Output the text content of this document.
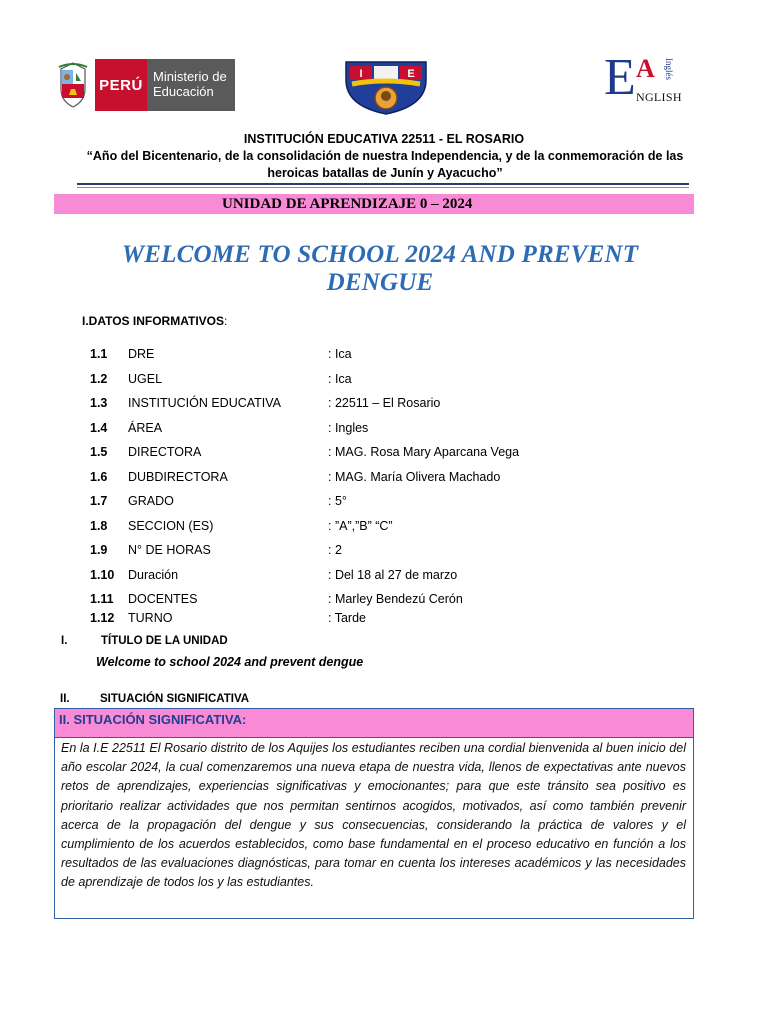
PERÚ Ministerio de Educación
I	E	E A Inglés
NGLISH
INSTITUCIÓN EDUCATIVA 22511 - EL ROSARIO
“Año del Bicentenario, de la consolidación de nuestra Independencia, y de la conmemoración de las heroicas batallas de Junín y Ayacucho”
UNIDAD DE APRENDIZAJE 0 – 2024
WELCOME TO SCHOOL 2024 AND PREVENT DENGUE
I.DATOS INFORMATIVOS:
1.1 DRE	: Ica
1.2 UGEL	: Ica
1.3 INSTITUCIÓN EDUCATIVA	: 22511 – El Rosario
1.4 ÁREA	: Ingles
1.5 DIRECTORA	: MAG. Rosa Mary Aparcana Vega
1.6 DUBDIRECTORA	: MAG. María Olivera Machado
1.7 GRADO	: 5°
1.8 SECCION (ES)	: ”A”,”B” “C”
1.9 N° DE HORAS	: 2
1.10 Duración	: Del 18 al 27 de marzo
1.11 DOCENTES	: Marley Bendezú Cerón
1.12 TURNO	: Tarde
I.	TÍTULO DE LA UNIDAD
Welcome to school 2024 and prevent dengue
II.	SITUACIÓN SIGNIFICATIVA
II. SITUACIÓN SIGNIFICATIVA:
En la I.E 22511 El Rosario distrito de los Aquijes los estudiantes reciben una cordial bienvenida al buen inicio del año escolar 2024, la cual comenzaremos una nueva etapa de nuestra vida, llenos de expectativas ante nuevos retos de aprendizajes, experiencias significativas y emocionantes; para que este tránsito sea positivo es prioritario realizar actividades que nos permitan sentirnos acogidos, motivados, así como también prevenir acerca de la propagación del dengue y sus consecuencias, considerando la práctica de valores y el cumplimiento de los acuerdos establecidos, como base fundamental en el proceso educativo en función a los resultados de las evaluaciones diagnósticas, para tomar en cuenta los intereses académicos y las necesidades de aprendizaje de todos los y las estudiantes.
